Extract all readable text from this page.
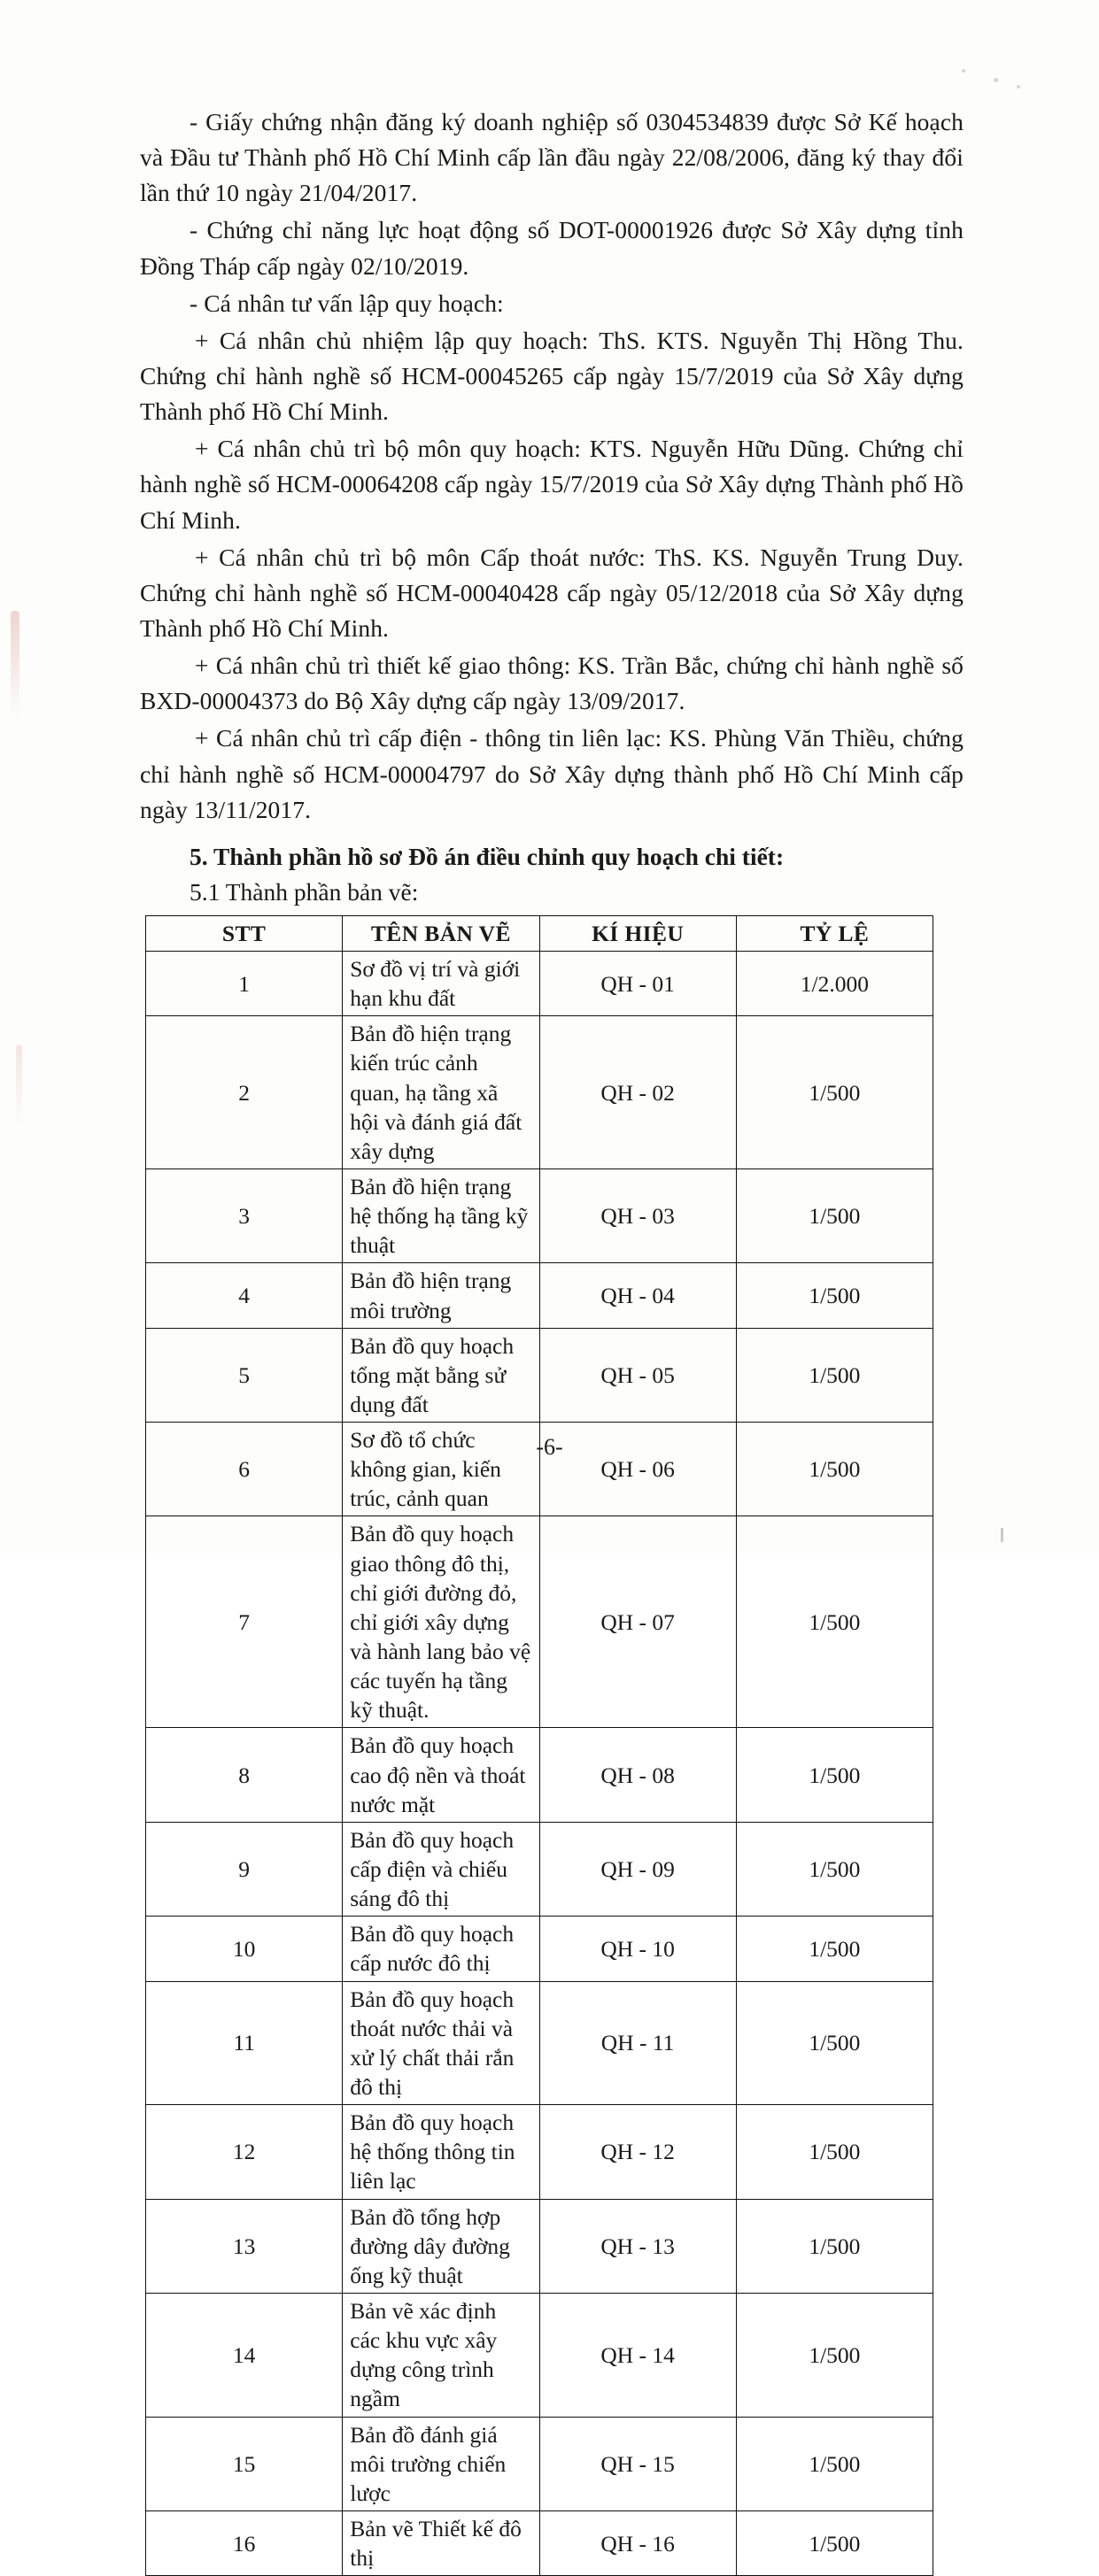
- Giấy chứng nhận đăng ký doanh nghiệp số 0304534839 được Sở Kế hoạch và Đầu tư Thành phố Hồ Chí Minh cấp lần đầu ngày 22/08/2006, đăng ký thay đổi lần thứ 10 ngày 21/04/2017.

- Chứng chỉ năng lực hoạt động số DOT-00001926 được Sở Xây dựng tỉnh Đồng Tháp cấp ngày 02/10/2019.

- Cá nhân tư vấn lập quy hoạch:

+ Cá nhân chủ nhiệm lập quy hoạch: ThS. KTS. Nguyễn Thị Hồng Thu. Chứng chỉ hành nghề số HCM-00045265 cấp ngày 15/7/2019 của Sở Xây dựng Thành phố Hồ Chí Minh.

+ Cá nhân chủ trì bộ môn quy hoạch: KTS. Nguyễn Hữu Dũng. Chứng chỉ hành nghề số HCM-00064208 cấp ngày 15/7/2019 của Sở Xây dựng Thành phố Hồ Chí Minh.

+ Cá nhân chủ trì bộ môn Cấp thoát nước: ThS. KS. Nguyễn Trung Duy. Chứng chỉ hành nghề số HCM-00040428 cấp ngày 05/12/2018 của Sở Xây dựng Thành phố Hồ Chí Minh.

+ Cá nhân chủ trì thiết kế giao thông: KS. Trần Bắc, chứng chỉ hành nghề số BXD-00004373 do Bộ Xây dựng cấp ngày 13/09/2017.

+ Cá nhân chủ trì cấp điện - thông tin liên lạc: KS. Phùng Văn Thiều, chứng chỉ hành nghề số HCM-00004797 do Sở Xây dựng thành phố Hồ Chí Minh cấp ngày 13/11/2017.

5. Thành phần hồ sơ Đồ án điều chỉnh quy hoạch chi tiết:
5.1 Thành phần bản vẽ:
STT	TÊN BẢN VẼ	KÍ HIỆU	TỶ LỆ
1	Sơ đồ vị trí và giới hạn khu đất	QH - 01	1/2.000
2	Bản đồ hiện trạng kiến trúc cảnh quan, hạ tầng xã hội và đánh giá đất xây dựng	QH - 02	1/500
3	Bản đồ hiện trạng hệ thống hạ tầng kỹ thuật	QH - 03	1/500
4	Bản đồ hiện trạng môi trường	QH - 04	1/500
5	Bản đồ quy hoạch tổng mặt bằng sử dụng đất	QH - 05	1/500
6	Sơ đồ tổ chức không gian, kiến trúc, cảnh quan	QH - 06	1/500
7	Bản đồ quy hoạch giao thông đô thị, chỉ giới đường đỏ, chỉ giới xây dựng và hành lang bảo vệ các tuyến hạ tầng kỹ thuật.	QH - 07	1/500
8	Bản đồ quy hoạch cao độ nền và thoát nước mặt	QH - 08	1/500
9	Bản đồ quy hoạch cấp điện và chiếu sáng đô thị	QH - 09	1/500
10	Bản đồ quy hoạch cấp nước đô thị	QH - 10	1/500
11	Bản đồ quy hoạch thoát nước thải và xử lý chất thải rắn đô thị	QH - 11	1/500
12	Bản đồ quy hoạch hệ thống thông tin liên lạc	QH - 12	1/500
13	Bản đồ tổng hợp đường dây đường ống kỹ thuật	QH - 13	1/500
14	Bản vẽ xác định các khu vực xây dựng công trình ngầm	QH - 14	1/500
15	Bản đồ đánh giá môi trường chiến lược	QH - 15	1/500
16	Bản vẽ Thiết kế đô thị	QH - 16	1/500
-6-
